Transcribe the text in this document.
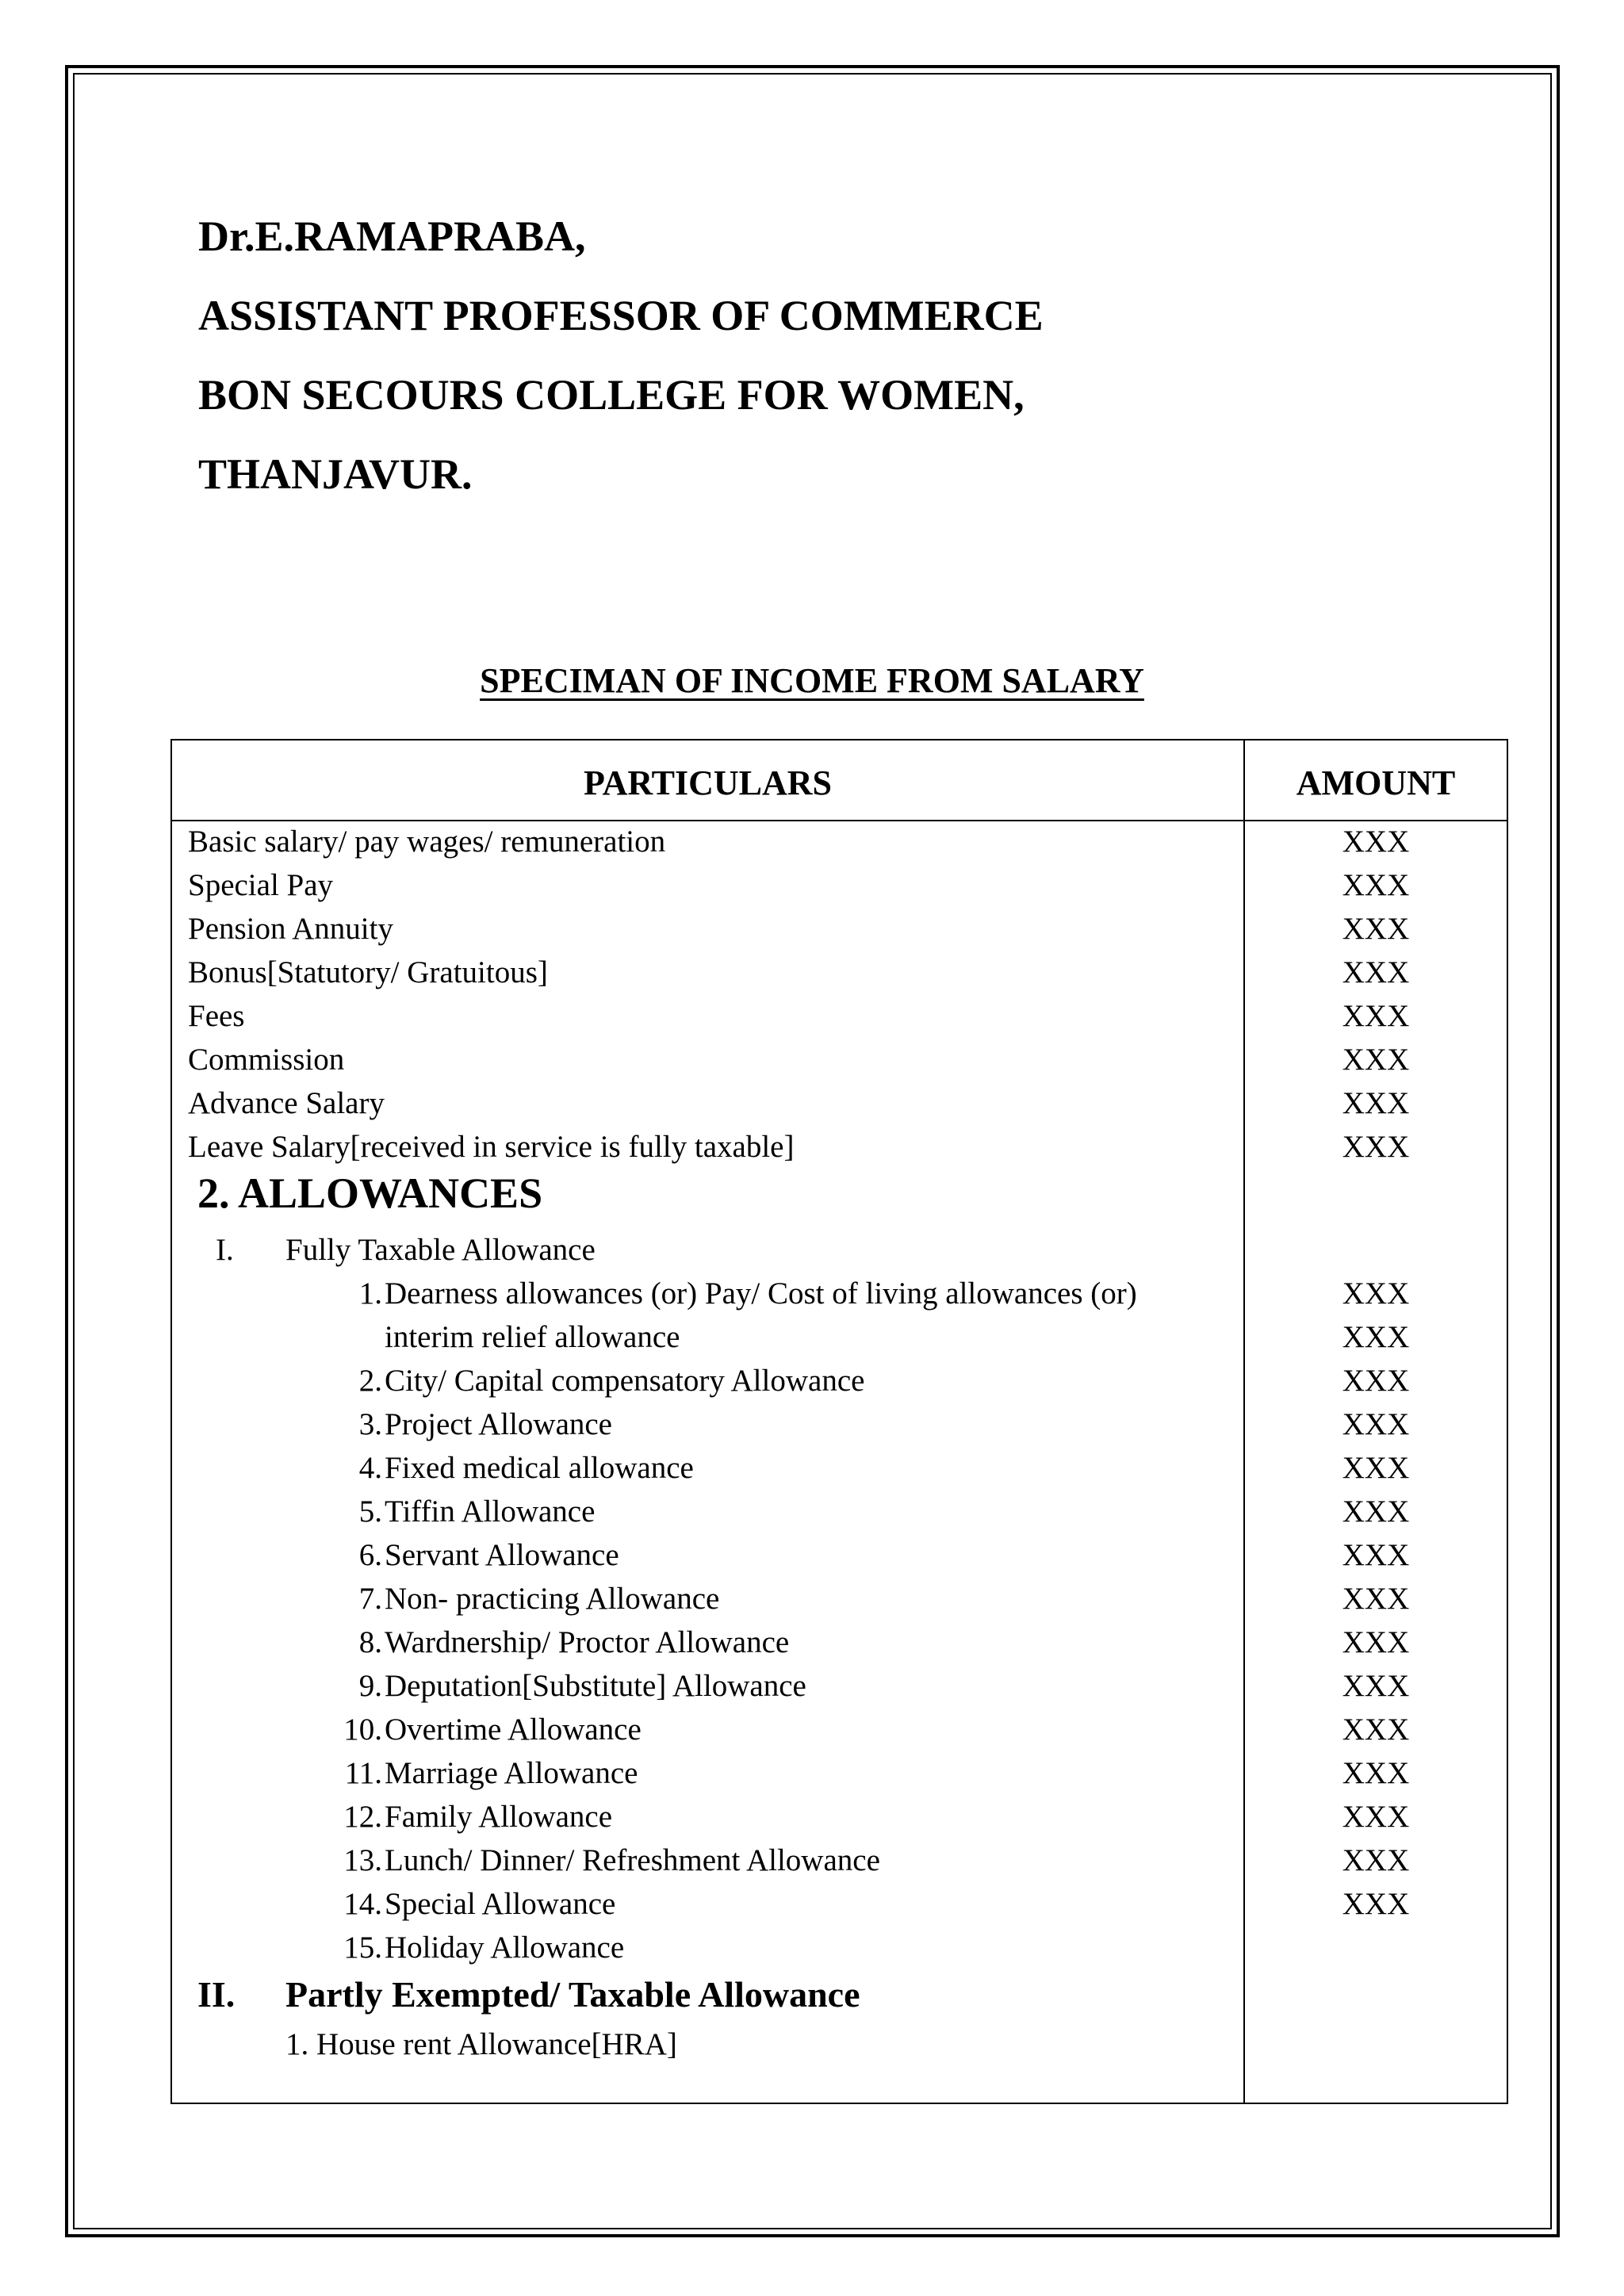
Dr.E.RAMAPRABA,
ASSISTANT PROFESSOR OF COMMERCE
BON SECOURS COLLEGE FOR WOMEN,
THANJAVUR.
SPECIMAN OF INCOME FROM SALARY
PARTICULARS	AMOUNT
Basic salary/ pay wages/ remuneration	XXX
Special Pay	XXX
Pension Annuity	XXX
Bonus[Statutory/ Gratuitous]	XXX
Fees	XXX
Commission	XXX
Advance Salary	XXX
Leave Salary[received in service is fully taxable]	XXX
2. ALLOWANCES
I. Fully Taxable Allowance
1. Dearness allowances (or) Pay/ Cost of living allowances (or)	XXX
interim relief allowance	XXX
2. City/ Capital compensatory Allowance	XXX
3. Project Allowance	XXX
4. Fixed medical allowance	XXX
5. Tiffin Allowance	XXX
6. Servant Allowance	XXX
7. Non- practicing Allowance	XXX
8. Wardnership/ Proctor Allowance	XXX
9. Deputation[Substitute] Allowance	XXX
10. Overtime Allowance	XXX
11. Marriage Allowance	XXX
12. Family Allowance	XXX
13. Lunch/ Dinner/ Refreshment Allowance	XXX
14. Special Allowance	XXX
15. Holiday Allowance
II. Partly Exempted/ Taxable Allowance
1. House rent Allowance[HRA]
